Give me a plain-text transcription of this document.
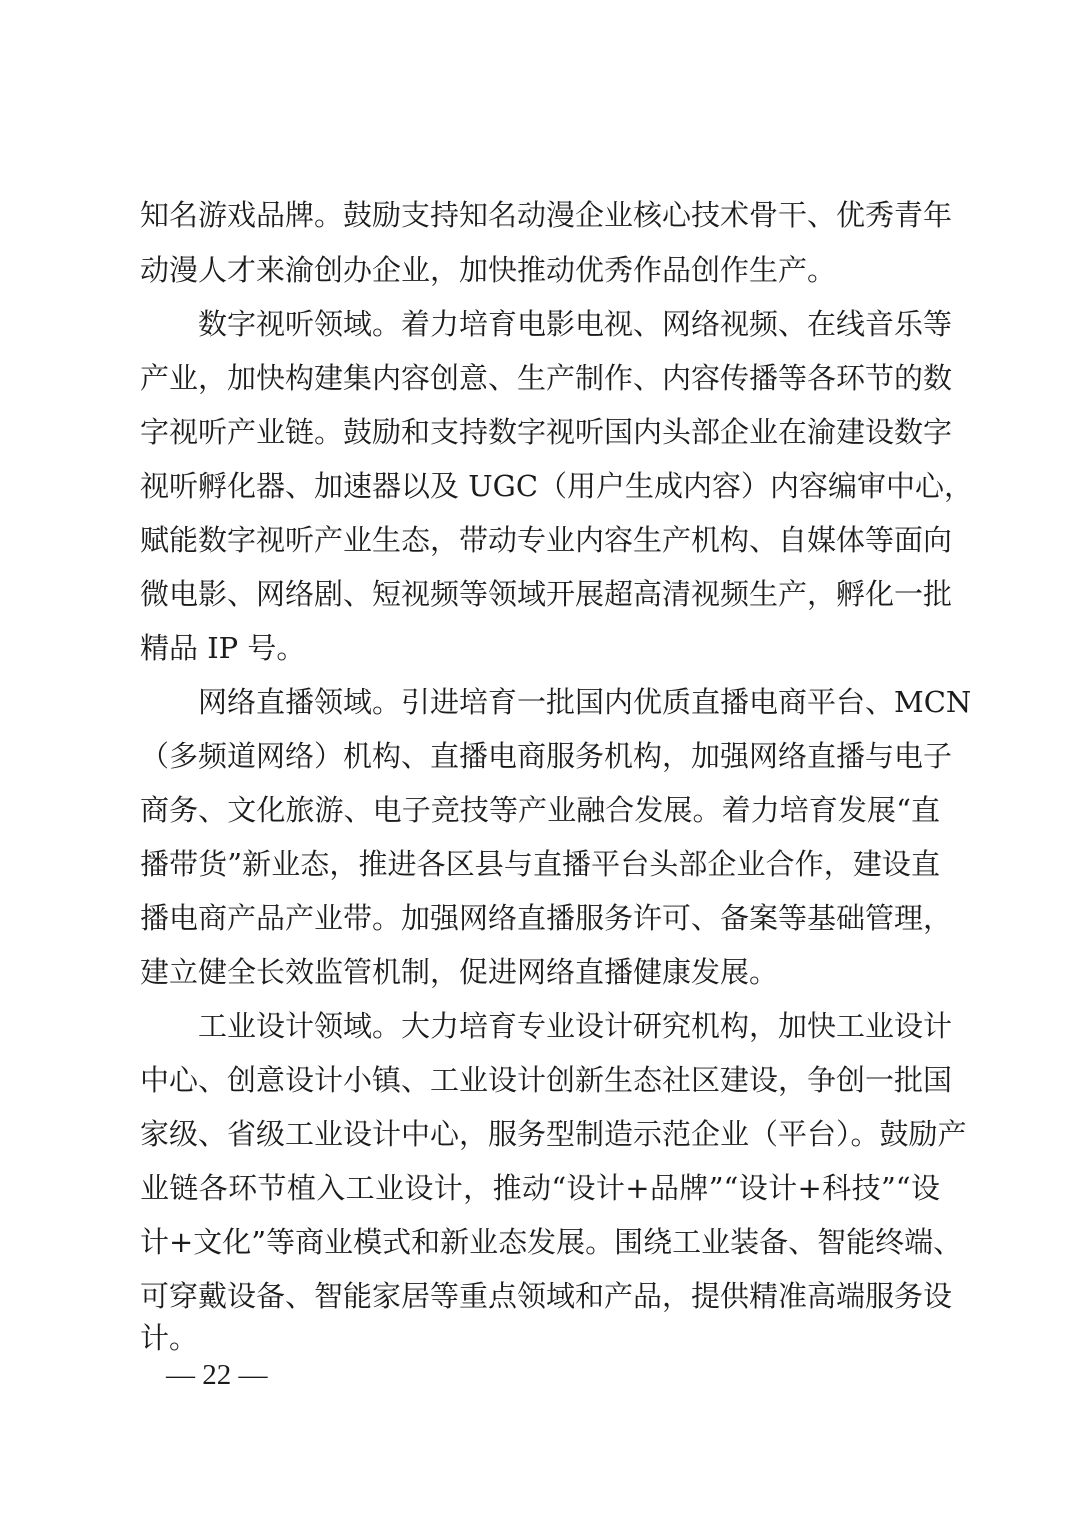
知名游戏品牌。鼓励支持知名动漫企业核心技术骨干、优秀青年
动漫人才来渝创办企业，加快推动优秀作品创作生产。
数字视听领域。着力培育电影电视、网络视频、在线音乐等
产业，加快构建集内容创意、生产制作、内容传播等各环节的数
字视听产业链。鼓励和支持数字视听国内头部企业在渝建设数字
视听孵化器、加速器以及 UGC（用户生成内容）内容编审中心，
赋能数字视听产业生态，带动专业内容生产机构、自媒体等面向
微电影、网络剧、短视频等领域开展超高清视频生产，孵化一批
精品 IP 号。
网络直播领域。引进培育一批国内优质直播电商平台、MCN
（多频道网络）机构、直播电商服务机构，加强网络直播与电子
商务、文化旅游、电子竞技等产业融合发展。着力培育发展“直
播带货”新业态，推进各区县与直播平台头部企业合作，建设直
播电商产品产业带。加强网络直播服务许可、备案等基础管理，
建立健全长效监管机制，促进网络直播健康发展。
工业设计领域。大力培育专业设计研究机构，加快工业设计
中心、创意设计小镇、工业设计创新生态社区建设，争创一批国
家级、省级工业设计中心，服务型制造示范企业（平台）。鼓励产
业链各环节植入工业设计，推动“设计+品牌”“设计+科技”“设
计+文化”等商业模式和新业态发展。围绕工业装备、智能终端、
可穿戴设备、智能家居等重点领域和产品，提供精准高端服务设
计。
— 22 —
